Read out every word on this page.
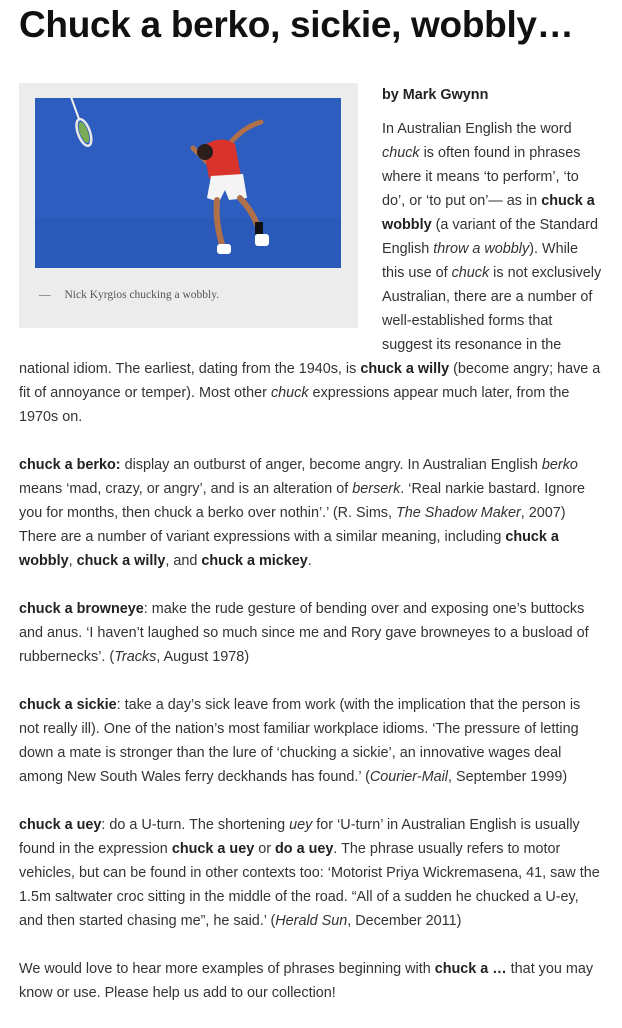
Chuck a berko, sickie, wobbly…
— Nick Kyrgios chucking a wobbly.
by Mark Gwynn

In Australian English the word chuck is often found in phrases where it means ‘to perform’, ‘to do’, or ‘to put on’— as in chuck a wobbly (a variant of the Standard English throw a wobbly). While this use of chuck is not exclusively Australian, there are a number of well-established forms that suggest its resonance in the national idiom. The earliest, dating from the 1940s, is chuck a willy (become angry; have a fit of annoyance or temper). Most other chuck expressions appear much later, from the 1970s on.

chuck a berko: display an outburst of anger, become angry. In Australian English berko means ‘mad, crazy, or angry’, and is an alteration of berserk. ‘Real narkie bastard. Ignore you for months, then chuck a berko over nothin’.’ (R. Sims, The Shadow Maker, 2007) There are a number of variant expressions with a similar meaning, including chuck a wobbly, chuck a willy, and chuck a mickey.

chuck a browneye: make the rude gesture of bending over and exposing one’s buttocks and anus. ‘I haven’t laughed so much since me and Rory gave browneyes to a busload of rubbernecks’. (Tracks, August 1978)

chuck a sickie: take a day’s sick leave from work (with the implication that the person is not really ill). One of the nation’s most familiar workplace idioms. ‘The pressure of letting down a mate is stronger than the lure of ‘chucking a sickie’, an innovative wages deal among New South Wales ferry deckhands has found.’ (Courier-Mail, September 1999)

chuck a uey: do a U-turn. The shortening uey for ‘U-turn’ in Australian English is usually found in the expression chuck a uey or do a uey. The phrase usually refers to motor vehicles, but can be found in other contexts too: ‘Motorist Priya Wickremasena, 41, saw the 1.5m saltwater croc sitting in the middle of the road. “All of a sudden he chucked a U-ey, and then started chasing me”, he said.’ (Herald Sun, December 2011)

We would love to hear more examples of phrases beginning with chuck a … that you may know or use. Please help us add to our collection!
